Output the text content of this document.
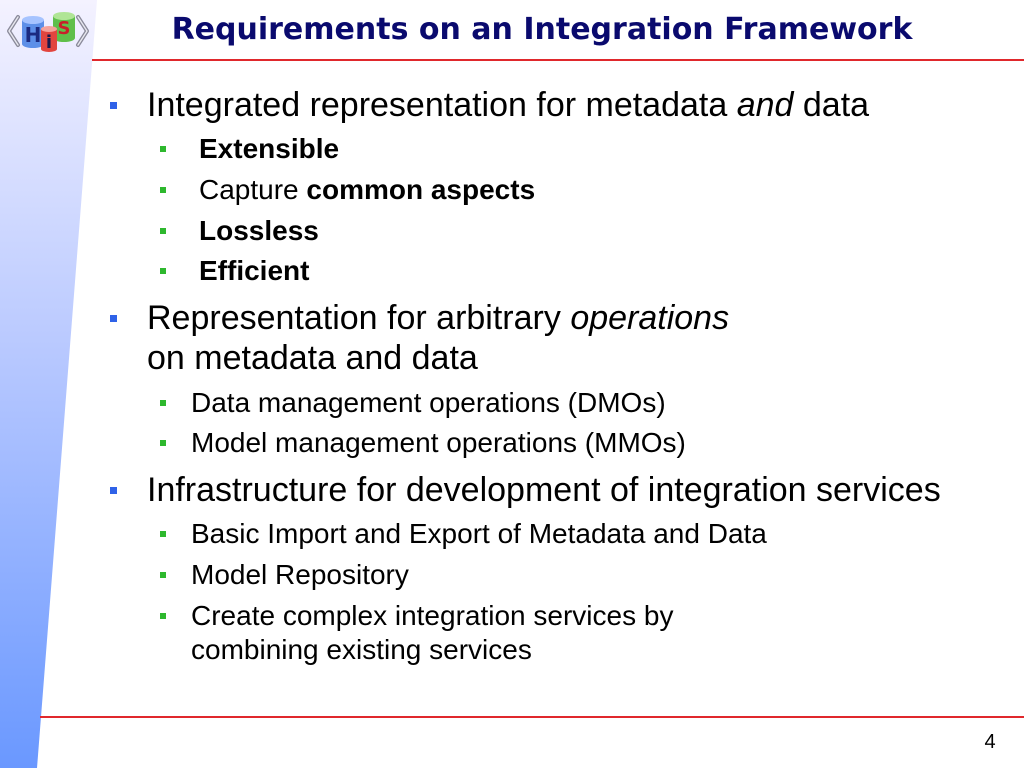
H S
i	Requirements on an Integration Framework
Integrated representation for metadata and data
Extensible
Capture common aspects
Lossless
Efficient
Representation for arbitrary operations
on metadata and data
Data management operations (DMOs)
Model management operations (MMOs)
Infrastructure for development of integration services
Basic Import and Export of Metadata and Data
Model Repository
Create complex integration services by
combining existing services
4
